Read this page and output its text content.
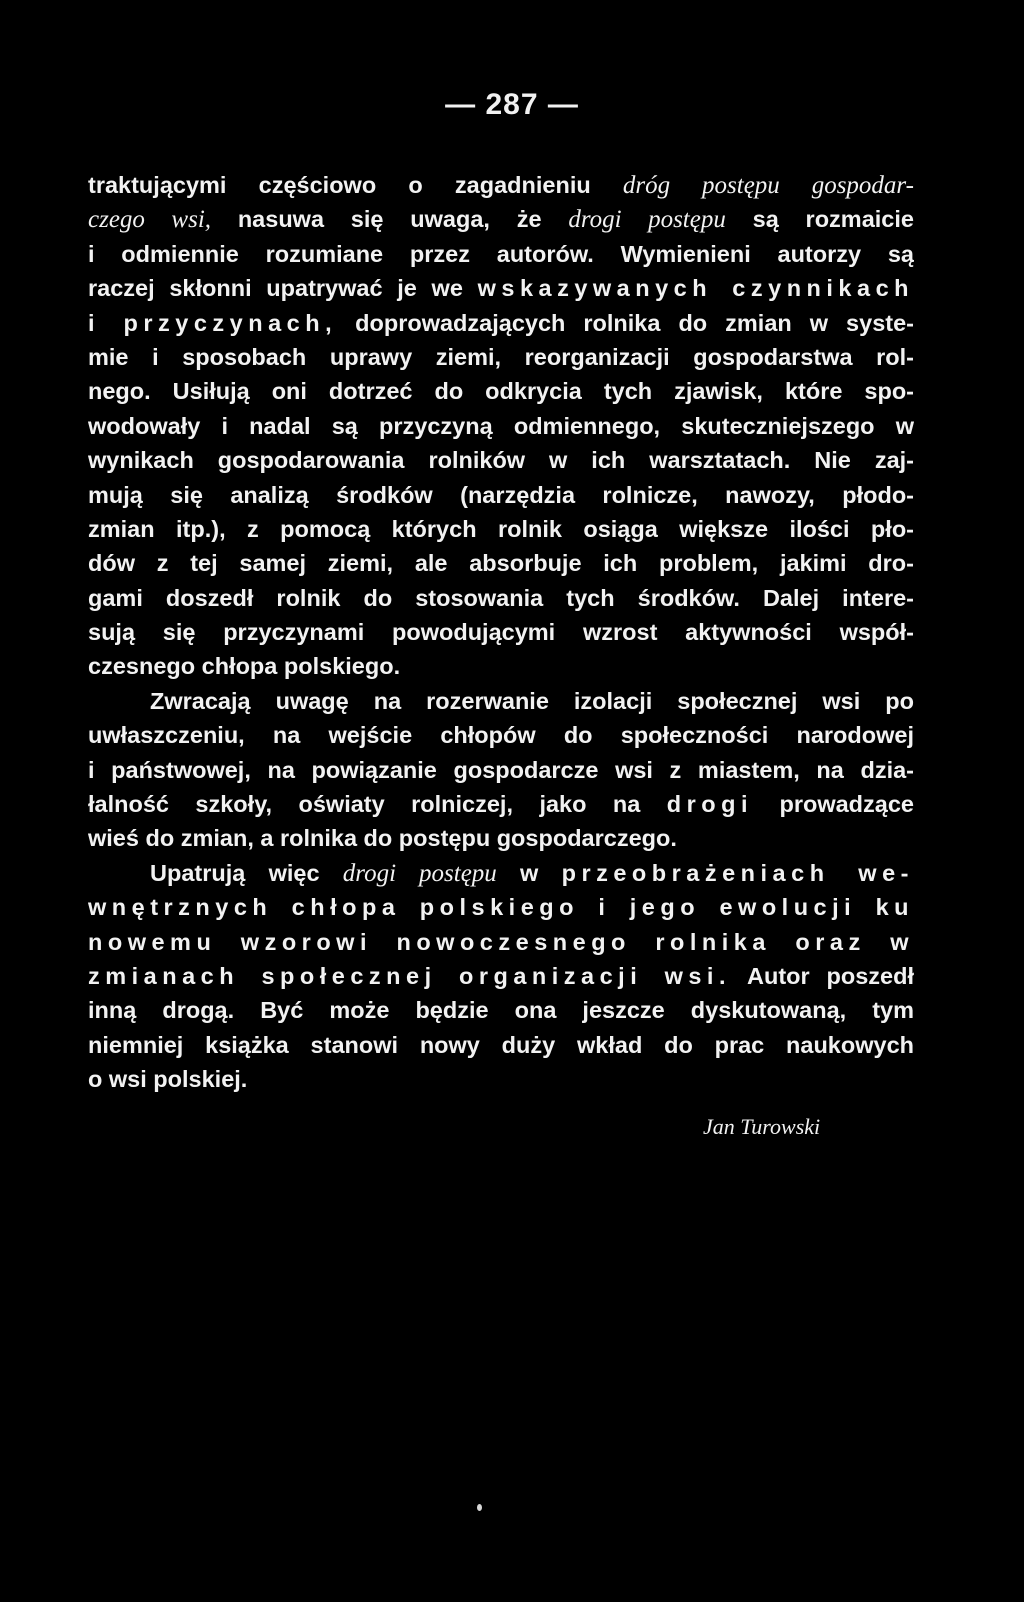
— 287 —
traktującymi częściowo o zagadnieniu dróg postępu gospodar-
czego wsi, nasuwa się uwaga, że drogi postępu są rozmaicie
i odmiennie rozumiane przez autorów. Wymienieni autorzy są
raczej skłonni upatrywać je we wskazywanych czynnikach
i przyczynach, doprowadzających rolnika do zmian w syste-
mie i sposobach uprawy ziemi, reorganizacji gospodarstwa rol-
nego. Usiłują oni dotrzeć do odkrycia tych zjawisk, które spo-
wodowały i nadal są przyczyną odmiennego, skuteczniejszego w
wynikach gospodarowania rolników w ich warsztatach. Nie zaj-
mują się analizą środków (narzędzia rolnicze, nawozy, płodo-
zmian itp.), z pomocą których rolnik osiąga większe ilości pło-
dów z tej samej ziemi, ale absorbuje ich problem, jakimi dro-
gami doszedł rolnik do stosowania tych środków. Dalej intere-
sują się przyczynami powodującymi wzrost aktywności współ-
czesnego chłopa polskiego.
Zwracają uwagę na rozerwanie izolacji społecznej wsi po
uwłaszczeniu, na wejście chłopów do społeczności narodowej
i państwowej, na powiązanie gospodarcze wsi z miastem, na dzia-
łalność szkoły, oświaty rolniczej, jako na drogi prowadzące
wieś do zmian, a rolnika do postępu gospodarczego.
Upatrują więc drogi postępu w przeobrażeniach we-
wnętrznych chłopa polskiego i jego ewolucji ku
nowemu wzorowi nowoczesnego rolnika oraz w
zmianach społecznej organizacji wsi. Autor poszedł
inną drogą. Być może będzie ona jeszcze dyskutowaną, tym
niemniej książka stanowi nowy duży wkład do prac naukowych
o wsi polskiej.
Jan Turowski
